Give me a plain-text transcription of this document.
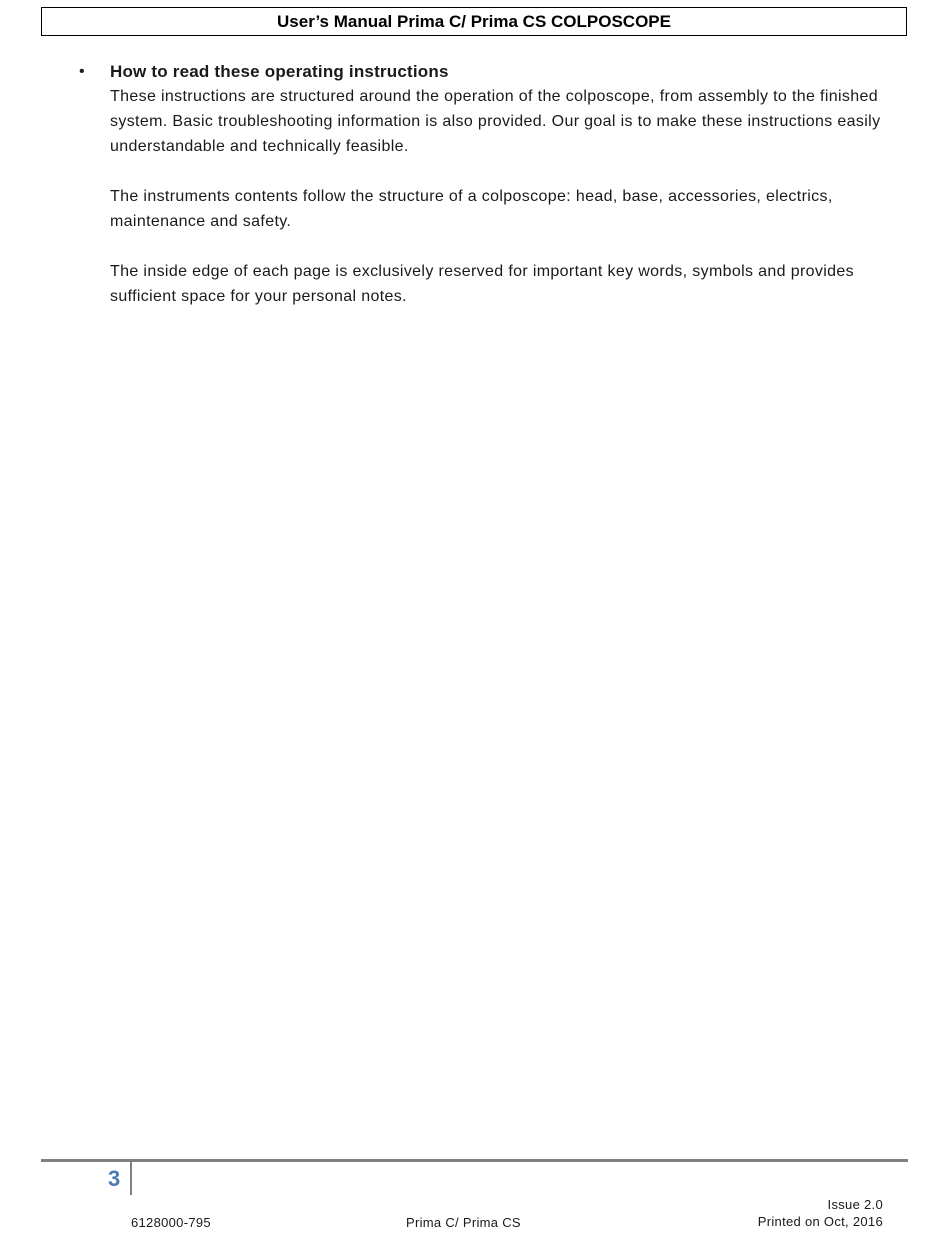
User’s Manual Prima C/ Prima CS COLPOSCOPE
• How to read these operating instructions

These instructions are structured around the operation of the colposcope, from assembly to the finished system. Basic troubleshooting information is also provided. Our goal is to make these instructions easily understandable and technically feasible.

The instruments contents follow the structure of a colposcope: head, base, accessories, electrics, maintenance and safety.

The inside edge of each page is exclusively reserved for important key words, symbols and provides sufficient space for your personal notes.

3
6128000-795	Prima C/ Prima CS
Issue 2.0
Printed on Oct, 2016
